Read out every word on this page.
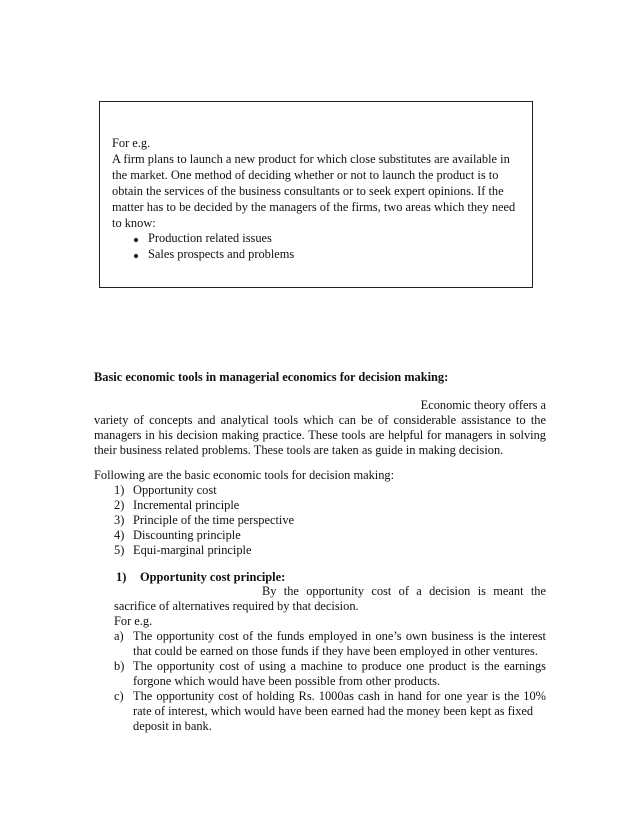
For e.g.
A firm plans to launch a new product for which close substitutes are available in
the market. One method of deciding whether or not to launch the product is to
obtain the services of the business consultants or to seek expert opinions. If the
matter has to be decided by the managers of the firms, two areas which they need
to know:
Production related issues
Sales prospects and problems
Basic economic tools in managerial economics for decision making:
Economic theory offers a
variety of concepts and analytical tools which can be of considerable assistance to the
managers in his decision making practice. These tools are helpful for managers in solving
their business related problems. These tools are taken as guide in making decision.
Following are the basic economic tools for decision making:
1) Opportunity cost
2) Incremental principle
3) Principle of the time perspective
4) Discounting principle
5) Equi-marginal principle
1) Opportunity cost principle:
By the opportunity cost of a decision is meant the
sacrifice of alternatives required by that decision.
For e.g.
a) The opportunity cost of the funds employed in one’s own business is the interest
that could be earned on those funds if they have been employed in other ventures.
b) The opportunity cost of using a machine to produce one product is the earnings
forgone which would have been possible from other products.
c) The opportunity cost of holding Rs. 1000as cash in hand for one year is the 10%
rate of interest, which would have been earned had the money been kept as fixed
deposit in bank.
